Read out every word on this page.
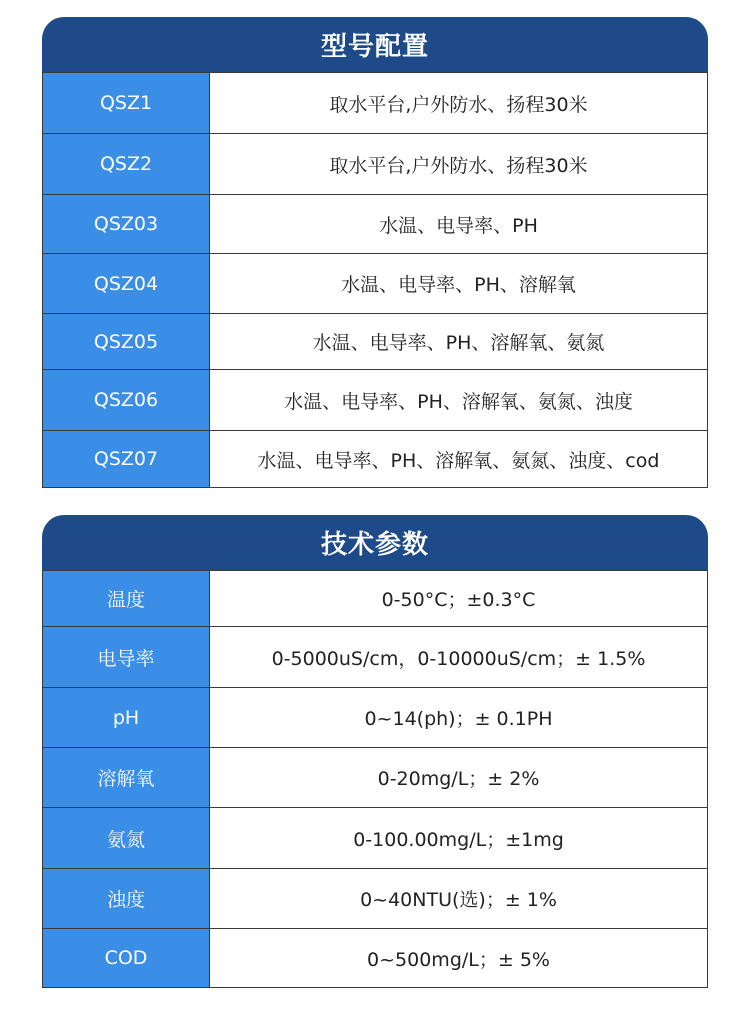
型号配置
QSZ1	取水平台,户外防水、扬程30米
QSZ2	取水平台,户外防水、扬程30米
QSZ03	水温、电导率、PH
QSZ04	水温、电导率、PH、溶解氧
QSZ05	水温、电导率、PH、溶解氧、氨氮
QSZ06	水温、电导率、PH、溶解氧、氨氮、浊度
QSZ07	水温、电导率、PH、溶解氧、氨氮、浊度、cod
技术参数
温度	0-50°C；±0.3°C
电导率	0-5000uS/cm，0-10000uS/cm；± 1.5%
pH	0~14(ph)；± 0.1PH
溶解氧	0-20mg/L；± 2%
氨氮	0-100.00mg/L；±1mg
浊度	0~40NTU(选)；± 1%
COD	0~500mg/L；± 5%
